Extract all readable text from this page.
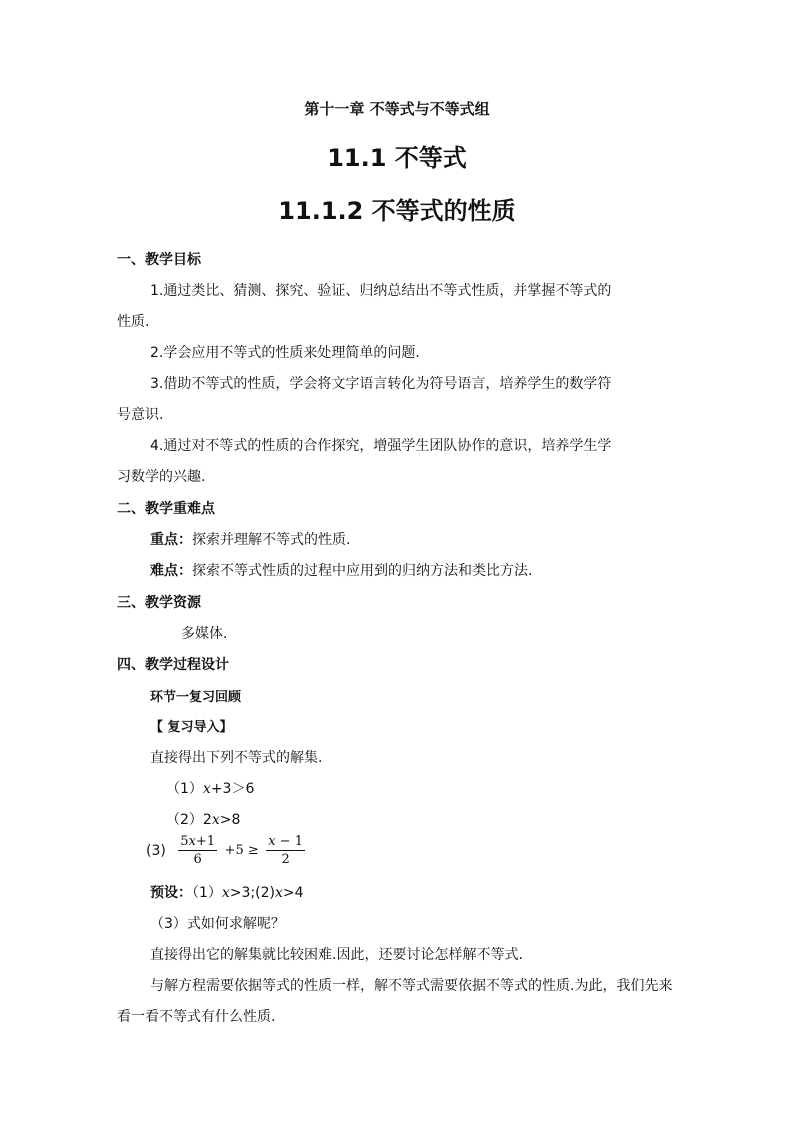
第十一章 不等式与不等式组
11.1 不等式
11.1.2 不等式的性质
一、教学目标
1.通过类比、猜测、探究、验证、归纳总结出不等式性质，并掌握不等式的
性质.
2.学会应用不等式的性质来处理简单的问题.
3.借助不等式的性质，学会将文字语言转化为符号语言，培养学生的数学符
号意识.
4.通过对不等式的性质的合作探究，增强学生团队协作的意识，培养学生学
习数学的兴趣.
二、教学重难点
重点：探索并理解不等式的性质.
难点：探索不等式性质的过程中应用到的归纳方法和类比方法.
三、教学资源
多媒体.
四、教学过程设计
环节一复习回顾
【 复习导入】
直接得出下列不等式的解集.
（1）x+3＞6
（2）2x>8
$(3) \frac{5x+1}{6} +5 \ge \frac{x - 1}{2}$
预设：（1）x>3;(2)x>4
（3）式如何求解呢？
直接得出它的解集就比较困难.因此，还要讨论怎样解不等式.
与解方程需要依据等式的性质一样，解不等式需要依据不等式的性质.为此，我们先来
看一看不等式有什么性质.
